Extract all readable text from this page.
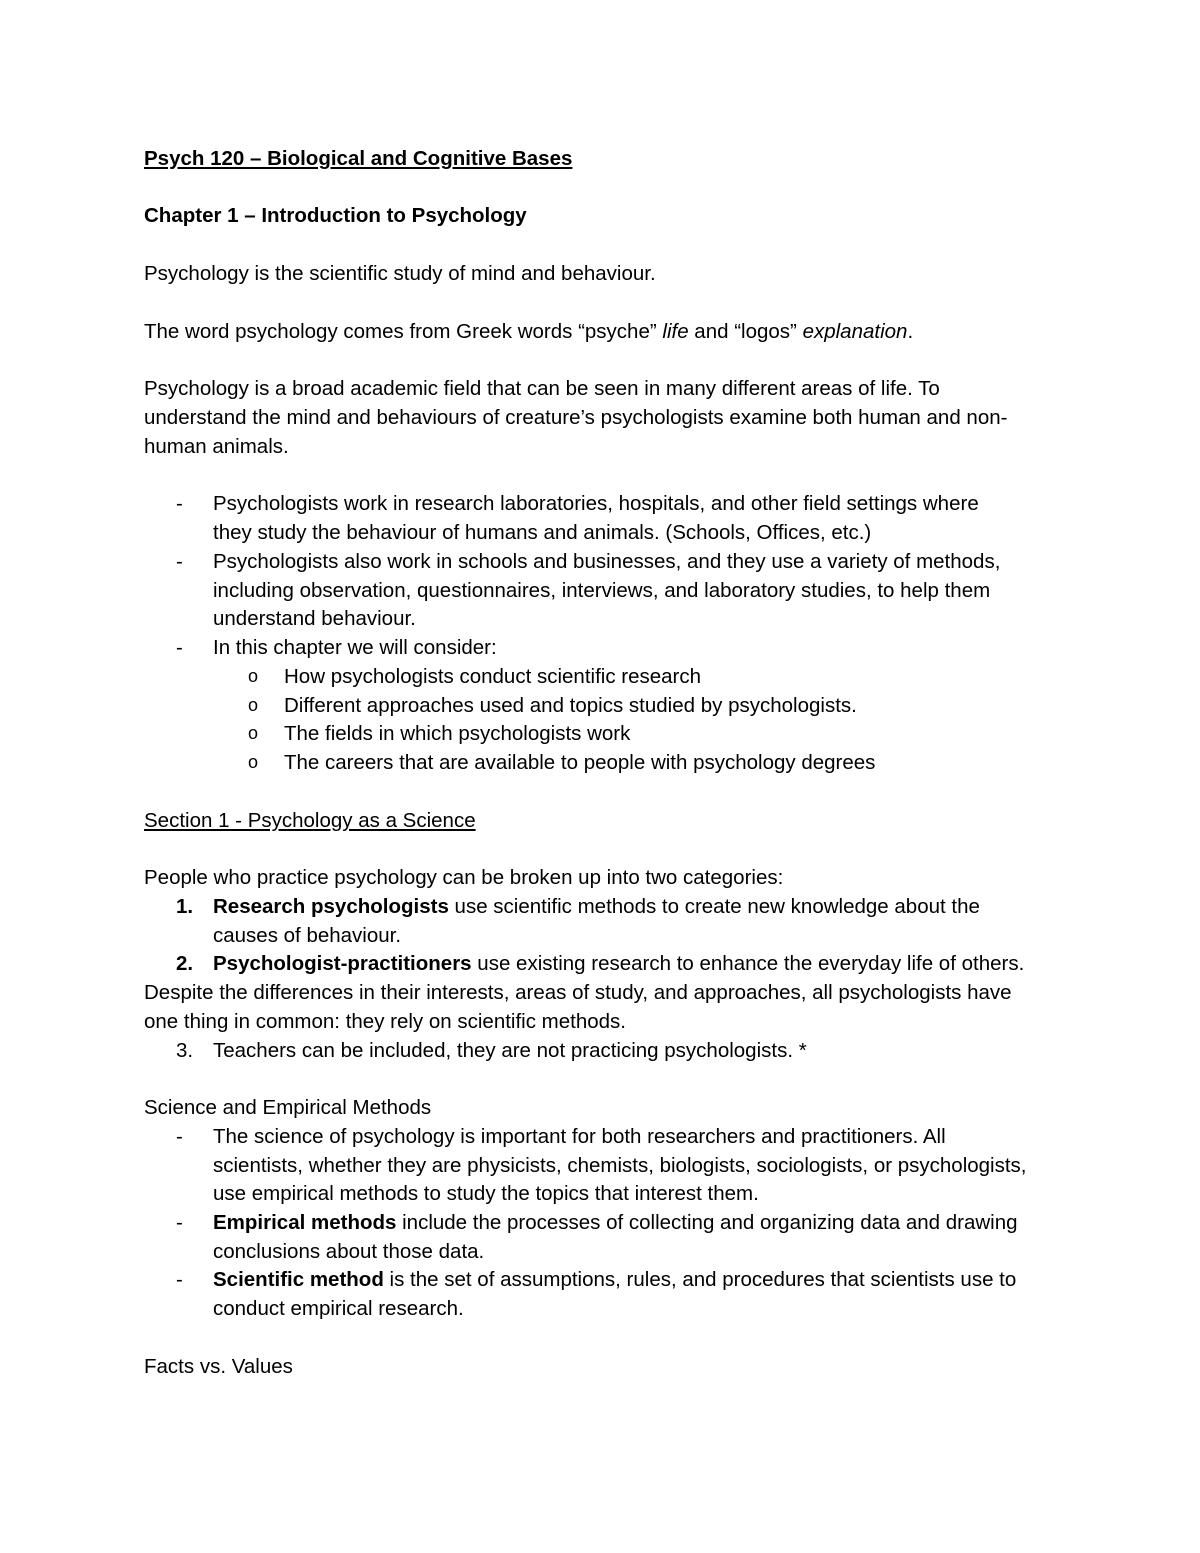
Psych 120 – Biological and Cognitive Bases
Chapter 1 – Introduction to Psychology
Psychology is the scientific study of mind and behaviour.
The word psychology comes from Greek words “psyche” life and “logos” explanation.
Psychology is a broad academic field that can be seen in many different areas of life. To
understand the mind and behaviours of creature’s psychologists examine both human and non-
human animals.
- Psychologists work in research laboratories, hospitals, and other field settings where
they study the behaviour of humans and animals. (Schools, Offices, etc.)
- Psychologists also work in schools and businesses, and they use a variety of methods,
including observation, questionnaires, interviews, and laboratory studies, to help them
understand behaviour.
- In this chapter we will consider:
o How psychologists conduct scientific research
o Different approaches used and topics studied by psychologists.
o The fields in which psychologists work
o The careers that are available to people with psychology degrees
Section 1 - Psychology as a Science
People who practice psychology can be broken up into two categories:
1. Research psychologists use scientific methods to create new knowledge about the
causes of behaviour.
2. Psychologist-practitioners use existing research to enhance the everyday life of others.
Despite the differences in their interests, areas of study, and approaches, all psychologists have
one thing in common: they rely on scientific methods.
3. Teachers can be included, they are not practicing psychologists. *
Science and Empirical Methods
- The science of psychology is important for both researchers and practitioners. All
scientists, whether they are physicists, chemists, biologists, sociologists, or psychologists,
use empirical methods to study the topics that interest them.
- Empirical methods include the processes of collecting and organizing data and drawing
conclusions about those data.
- Scientific method is the set of assumptions, rules, and procedures that scientists use to
conduct empirical research.
Facts vs. Values
